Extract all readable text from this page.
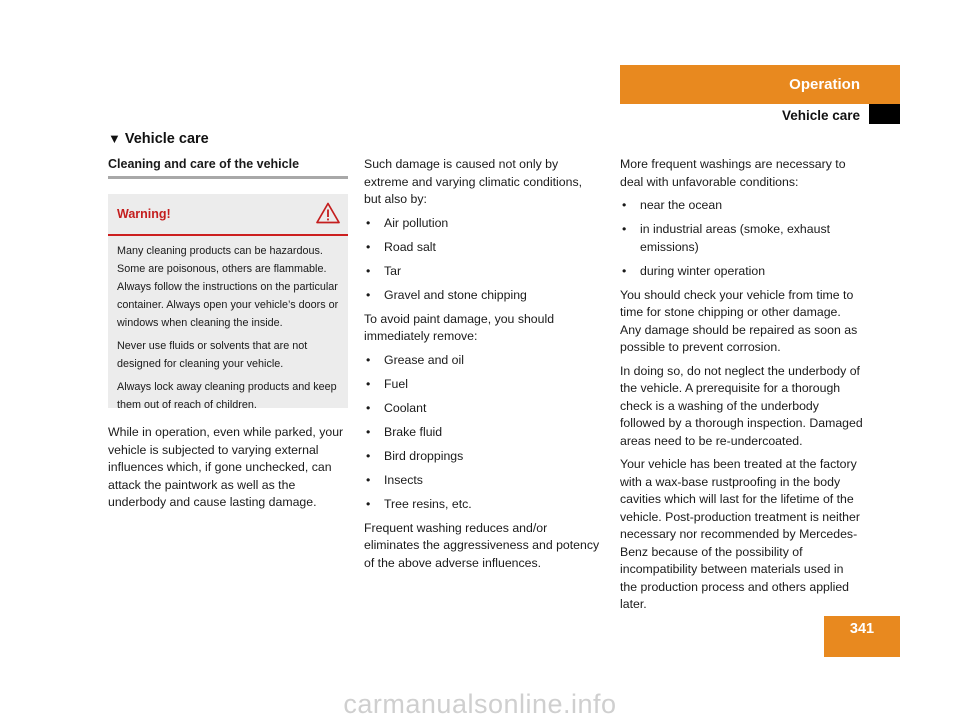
Operation
Vehicle care
▼ Vehicle care
Cleaning and care of the vehicle
Warning!

Many cleaning products can be hazardous. Some are poisonous, others are flammable. Always follow the instructions on the particular container. Always open your vehicle’s doors or windows when cleaning the inside.

Never use fluids or solvents that are not designed for cleaning your vehicle.

Always lock away cleaning products and keep them out of reach of children.

While in operation, even while parked, your vehicle is subjected to varying external influences which, if gone unchecked, can attack the paintwork as well as the underbody and cause lasting damage.

Such damage is caused not only by extreme and varying climatic conditions, but also by:

• Air pollution
• Road salt
• Tar
• Gravel and stone chipping

To avoid paint damage, you should immediately remove:

• Grease and oil
• Fuel
• Coolant
• Brake fluid
• Bird droppings
• Insects
• Tree resins, etc.

Frequent washing reduces and/or eliminates the aggressiveness and potency of the above adverse influences.

More frequent washings are necessary to deal with unfavorable conditions:

• near the ocean
• in industrial areas (smoke, exhaust emissions)
• during winter operation

You should check your vehicle from time to time for stone chipping or other damage. Any damage should be repaired as soon as possible to prevent corrosion.

In doing so, do not neglect the underbody of the vehicle. A prerequisite for a thorough check is a washing of the underbody followed by a thorough inspection. Damaged areas need to be re-undercoated.

Your vehicle has been treated at the factory with a wax-base rustproofing in the body cavities which will last for the lifetime of the vehicle. Post-production treatment is neither necessary nor recommended by Mercedes-Benz because of the possibility of incompatibility between materials used in the production process and others applied later.

341
carmanualsonline.info
